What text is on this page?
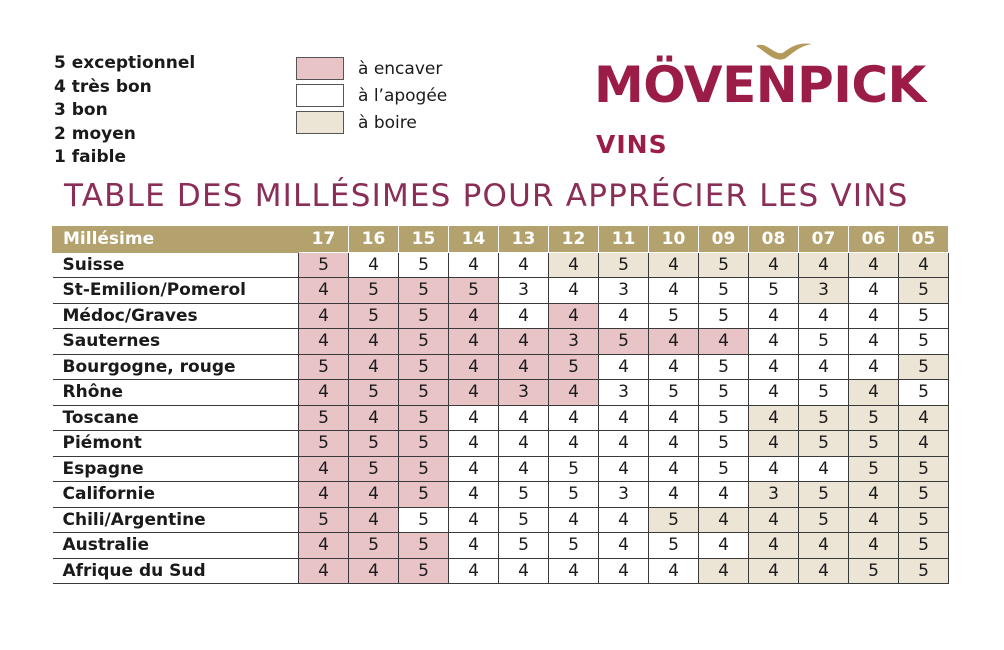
5 exceptionnel
4 très bon
3 bon
2 moyen
1 faible
à encaver
à l’apogée
à boire
MÖVENPICK
VINS
TABLE DES MILLÉSIMES POUR APPRÉCIER LES VINS
Millésime	17	16	15	14	13	12	11	10	09	08	07	06	05
Suisse	5	4	5	4	4	4	5	4	5	4	4	4	4
St-Emilion/Pomerol	4	5	5	5	3	4	3	4	5	5	3	4	5
Médoc/Graves	4	5	5	4	4	4	4	5	5	4	4	4	5
Sauternes	4	4	5	4	4	3	5	4	4	4	5	4	5
Bourgogne, rouge	5	4	5	4	4	5	4	4	5	4	4	4	5
Rhône	4	5	5	4	3	4	3	5	5	4	5	4	5
Toscane	5	4	5	4	4	4	4	4	5	4	5	5	4
Piémont	5	5	5	4	4	4	4	4	5	4	5	5	4
Espagne	4	5	5	4	4	5	4	4	5	4	4	5	5
Californie	4	4	5	4	5	5	3	4	4	3	5	4	5
Chili/Argentine	5	4	5	4	5	4	4	5	4	4	5	4	5
Australie	4	5	5	4	5	5	4	5	4	4	4	4	5
Afrique du Sud	4	4	5	4	4	4	4	4	4	4	4	5	5
